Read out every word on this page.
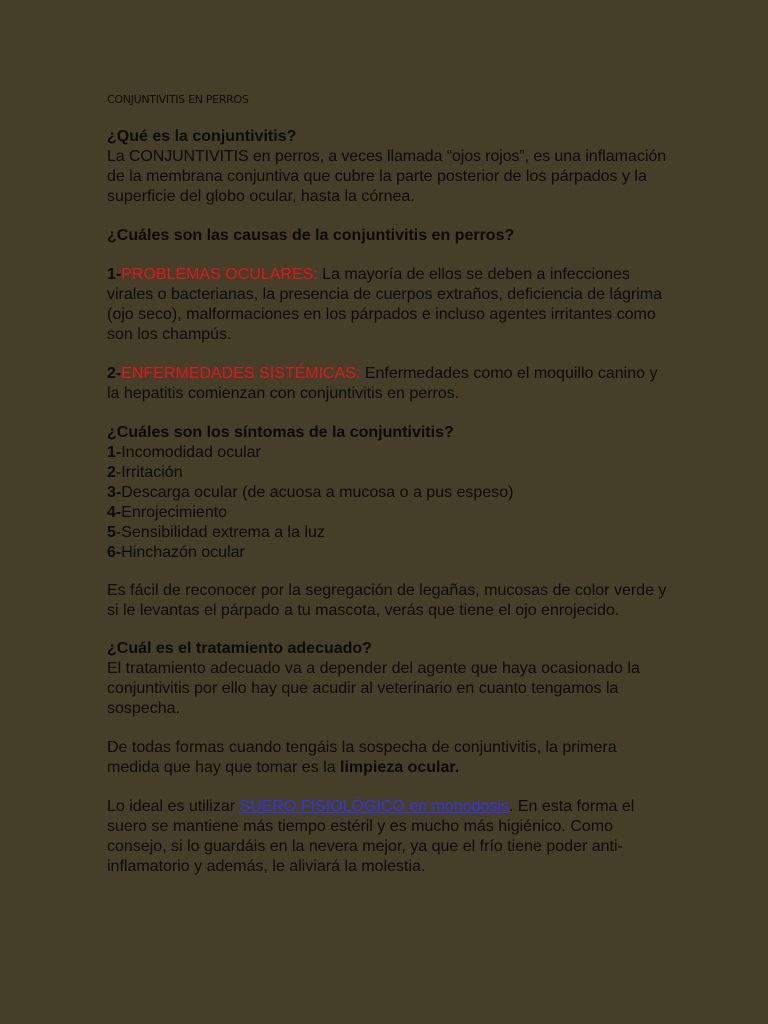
CONJUNTIVITIS EN PERROS

¿Qué es la conjuntivitis?
La CONJUNTIVITIS en perros, a veces llamada “ojos rojos”, es una inflamación de la membrana conjuntiva que cubre la parte posterior de los párpados y la superficie del globo ocular, hasta la córnea.

¿Cuáles son las causas de la conjuntivitis en perros?

1-PROBLEMAS OCULARES: La mayoría de ellos se deben a infecciones virales o bacterianas, la presencia de cuerpos extraños, deficiencia de lágrima (ojo seco), malformaciones en los párpados e incluso agentes irritantes como son los champús.

2-ENFERMEDADES SISTÉMICAS: Enfermedades como el moquillo canino y la hepatitis comienzan con conjuntivitis en perros.

¿Cuáles son los síntomas de la conjuntivitis?
1-Incomodidad ocular
2-Irritación
3-Descarga ocular (de acuosa a mucosa o a pus espeso)
4-Enrojecimiento
5-Sensibilidad extrema a la luz
6-Hinchazón ocular

Es fácil de reconocer por la segregación de legañas, mucosas de color verde y si le levantas el párpado a tu mascota, verás que tiene el ojo enrojecido.

¿Cuál es el tratamiento adecuado?
El tratamiento adecuado va a depender del agente que haya ocasionado la conjuntivitis por ello hay que acudir al veterinario en cuanto tengamos la sospecha.

De todas formas cuando tengáis la sospecha de conjuntivitis, la primera medida que hay que tomar es la limpieza ocular.

Lo ideal es utilizar SUERO FISIOLÓGICO en monodosis. En esta forma el suero se mantiene más tiempo estéril y es mucho más higiénico. Como consejo, si lo guardáis en la nevera mejor, ya que el frío tiene poder anti-inflamatorio y además, le aliviará la molestia.
